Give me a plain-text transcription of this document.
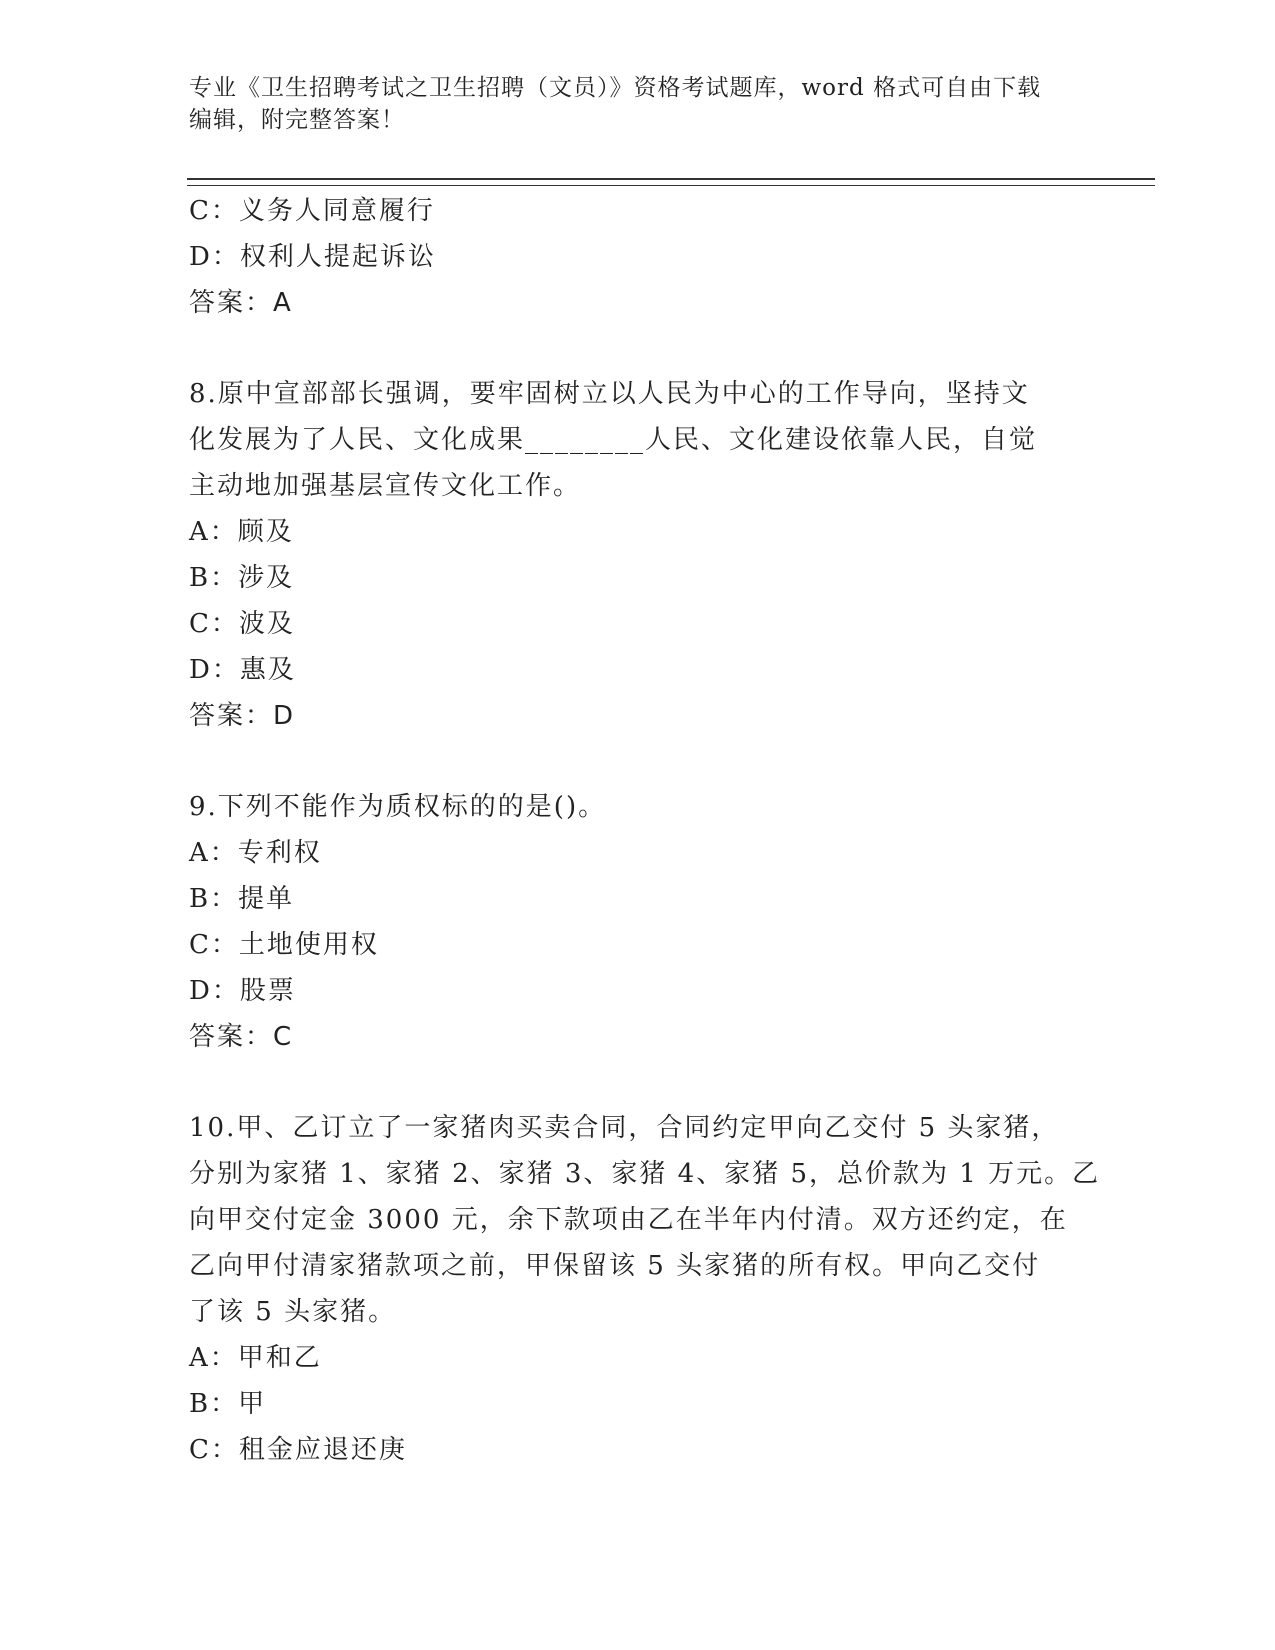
专业《卫生招聘考试之卫生招聘（文员）》资格考试题库，word 格式可自由下载
编辑，附完整答案！
C：义务人同意履行
D：权利人提起诉讼
答案：A
8.原中宣部部长强调，要牢固树立以人民为中心的工作导向，坚持文
化发展为了人民、文化成果________人民、文化建设依靠人民，自觉
主动地加强基层宣传文化工作。
A：顾及
B：涉及
C：波及
D：惠及
答案：D
9.下列不能作为质权标的的是()。
A：专利权
B：提单
C：土地使用权
D：股票
答案：C
10.甲、乙订立了一家猪肉买卖合同，合同约定甲向乙交付 5 头家猪，
分别为家猪 1、家猪 2、家猪 3、家猪 4、家猪 5，总价款为 1 万元。乙
向甲交付定金 3000 元，余下款项由乙在半年内付清。双方还约定，在
乙向甲付清家猪款项之前，甲保留该 5 头家猪的所有权。甲向乙交付
了该 5 头家猪。
A：甲和乙
B：甲
C：租金应退还庚
